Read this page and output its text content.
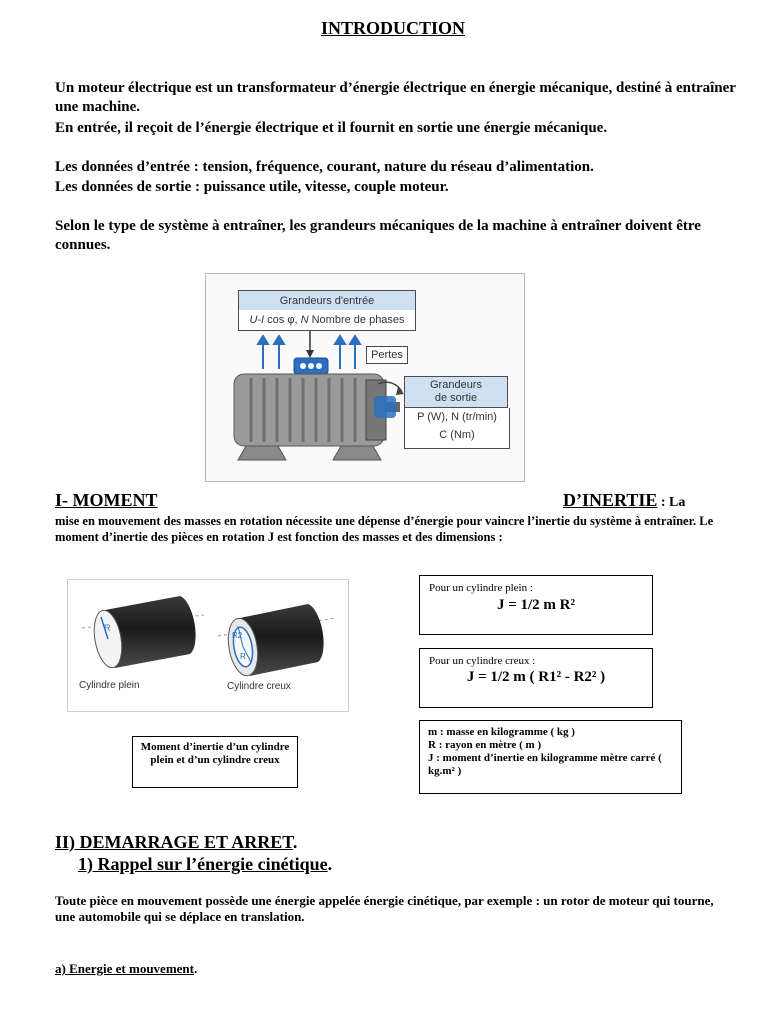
INTRODUCTION
Un moteur électrique est un transformateur d’énergie électrique en énergie mécanique, destiné à entraîner une machine.
En entrée, il reçoit de l’énergie électrique et il fournit en sortie une énergie mécanique.
Les données d’entrée : tension, fréquence, courant, nature du réseau d’alimentation.
Les données de sortie : puissance utile, vitesse, couple moteur.
Selon le type de système à entraîner, les grandeurs mécaniques de la machine à entraîner doivent être connues.
Grandeurs d'entrée
U-I cos φ, N Nombre de phases
Pertes
Grandeurs
de sortie
P (W), N (tr/min)
C (Nm)
I- MOMENT	D’INERTIE : La
mise en mouvement des masses en rotation nécessite une dépense d’énergie pour vaincre l’inertie du système à entraîner. Le moment d’inertie des pièces en rotation J est fonction des masses et des dimensions :
R
R2
R
Cylindre plein	Cylindre creux
Moment d’inertie d’un cylindre plein et d’un cylindre creux
Pour un cylindre plein :
J = 1/2 m R²
Pour un cylindre creux :
J = 1/2 m ( R1² - R2² )
m : masse en kilogramme ( kg )
R : rayon en mètre ( m )
J : moment d’inertie en kilogramme mètre carré ( kg.m² )
II) DEMARRAGE ET ARRET.
1) Rappel sur l’énergie cinétique.
Toute pièce en mouvement possède une énergie appelée énergie cinétique, par exemple : un rotor de moteur qui tourne, une automobile qui se déplace en translation.
a) Energie et mouvement.
